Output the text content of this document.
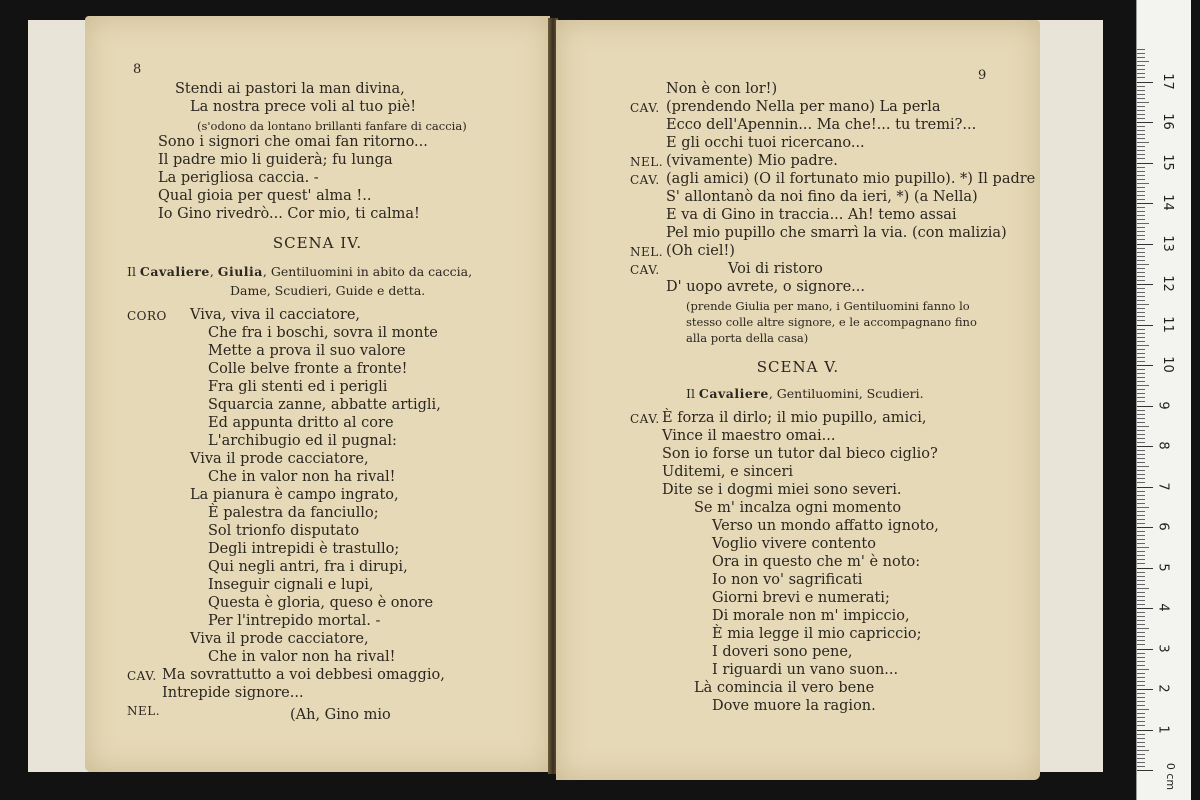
8
Stendi ai pastori la man divina,
La nostra prece voli al tuo piè!
(s'odono da lontano brillanti fanfare di caccia)
Sono i signori che omai fan ritorno...
Il padre mio li guiderà; fu lunga
La perigliosa caccia. -
Qual gioia per quest' alma !..
Io Gino rivedrò... Cor mio, ti calma!
SCENA IV.
Il Cavaliere, Giulia, Gentiluomini in abito da caccia,
Dame, Scudieri, Guide e detta.
CORO Viva, viva il cacciatore,
Che fra i boschi, sovra il monte
Mette a prova il suo valore
Colle belve fronte a fronte!
Fra gli stenti ed i perigli
Squarcia zanne, abbatte artigli,
Ed appunta dritto al core
L'archibugio ed il pugnal:
Viva il prode cacciatore,
Che in valor non ha rival!
La pianura è campo ingrato,
È palestra da fanciullo;
Sol trionfo disputato
Degli intrepidi è trastullo;
Qui negli antri, fra i dirupi,
Inseguir cignali e lupi,
Questa è gloria, queso è onore
Per l'intrepido mortal. -
Viva il prode cacciatore,
Che in valor non ha rival!
CAV. Ma sovrattutto a voi debbesi omaggio,
Intrepide signore...
NEL.	(Ah, Gino mio
9
Non è con lor!)
CAV. (prendendo Nella per mano) La perla
Ecco dell'Apennin... Ma che!... tu tremi?...
E gli occhi tuoi ricercano...
NEL. (vivamente) Mio padre.
CAV. (agli amici) (O il fortunato mio pupillo). *) Il padre
S' allontanò da noi fino da ieri, *) (a Nella)
E va di Gino in traccia... Ah! temo assai
Pel mio pupillo che smarrì la via. (con malizia)
NEL. (Oh ciel!)
CAV.	Voi di ristoro
D' uopo avrete, o signore...
(prende Giulia per mano, i Gentiluomini fanno lo
stesso colle altre signore, e le accompagnano fino
alla porta della casa)
SCENA V.
Il Cavaliere, Gentiluomini, Scudieri.
CAV. È forza il dirlo; il mio pupillo, amici,
Vince il maestro omai...
Son io forse un tutor dal bieco ciglio?
Uditemi, e sinceri
Dite se i dogmi miei sono severi.
Se m' incalza ogni momento
Verso un mondo affatto ignoto,
Voglio vivere contento
Ora in questo che m' è noto:
Io non vo' sagrificati
Giorni brevi e numerati;
Di morale non m' impiccio,
È mia legge il mio capriccio;
I doveri sono pene,
I riguardi un vano suon...
Là comincia il vero bene
Dove muore la ragion.
0 cm
1
2
3
4
5
6
7
8
9
10
11
12
13
14
15
16
17
